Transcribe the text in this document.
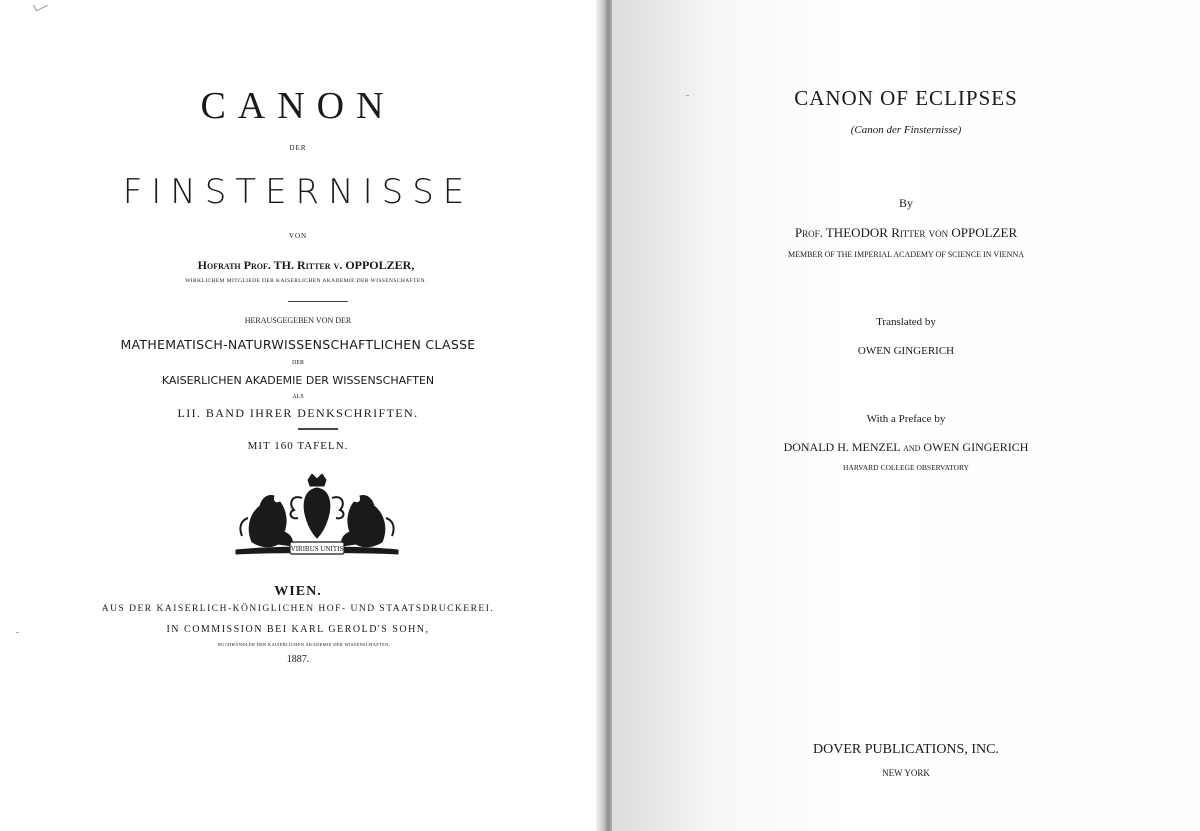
CANON

DER

FINSTERNISSE

VON

Hofrath Prof. TH. Ritter v. OPPOLZER,

WIRKLICHEM MITGLIEDE DER KAISERLICHEN AKADEMIE DER WISSENSCHAFTEN.

HERAUSGEGEBEN VON DER

MATHEMATISCH-NATURWISSENSCHAFTLICHEN CLASSE

DER

KAISERLICHEN AKADEMIE DER WISSENSCHAFTEN

ALS

LII. BAND IHRER DENKSCHRIFTEN.

MIT 160 TAFELN.

VIRIBUS UNITIS

WIEN.

AUS DER KAISERLICH-KÖNIGLICHEN HOF- UND STAATSDRUCKEREI.

IN COMMISSION BEI KARL GEROLD'S SOHN,

BUCHHÄNDLER DER KAISERLICHEN AKADEMIE DER WISSENSCHAFTEN.

1887.

CANON OF ECLIPSES

(Canon der Finsternisse)

By

Prof. THEODOR Ritter von OPPOLZER

MEMBER OF THE IMPERIAL ACADEMY OF SCIENCE IN VIENNA

Translated by

OWEN GINGERICH

With a Preface by

DONALD H. MENZEL and OWEN GINGERICH

HARVARD COLLEGE OBSERVATORY

DOVER PUBLICATIONS, INC.

NEW YORK
